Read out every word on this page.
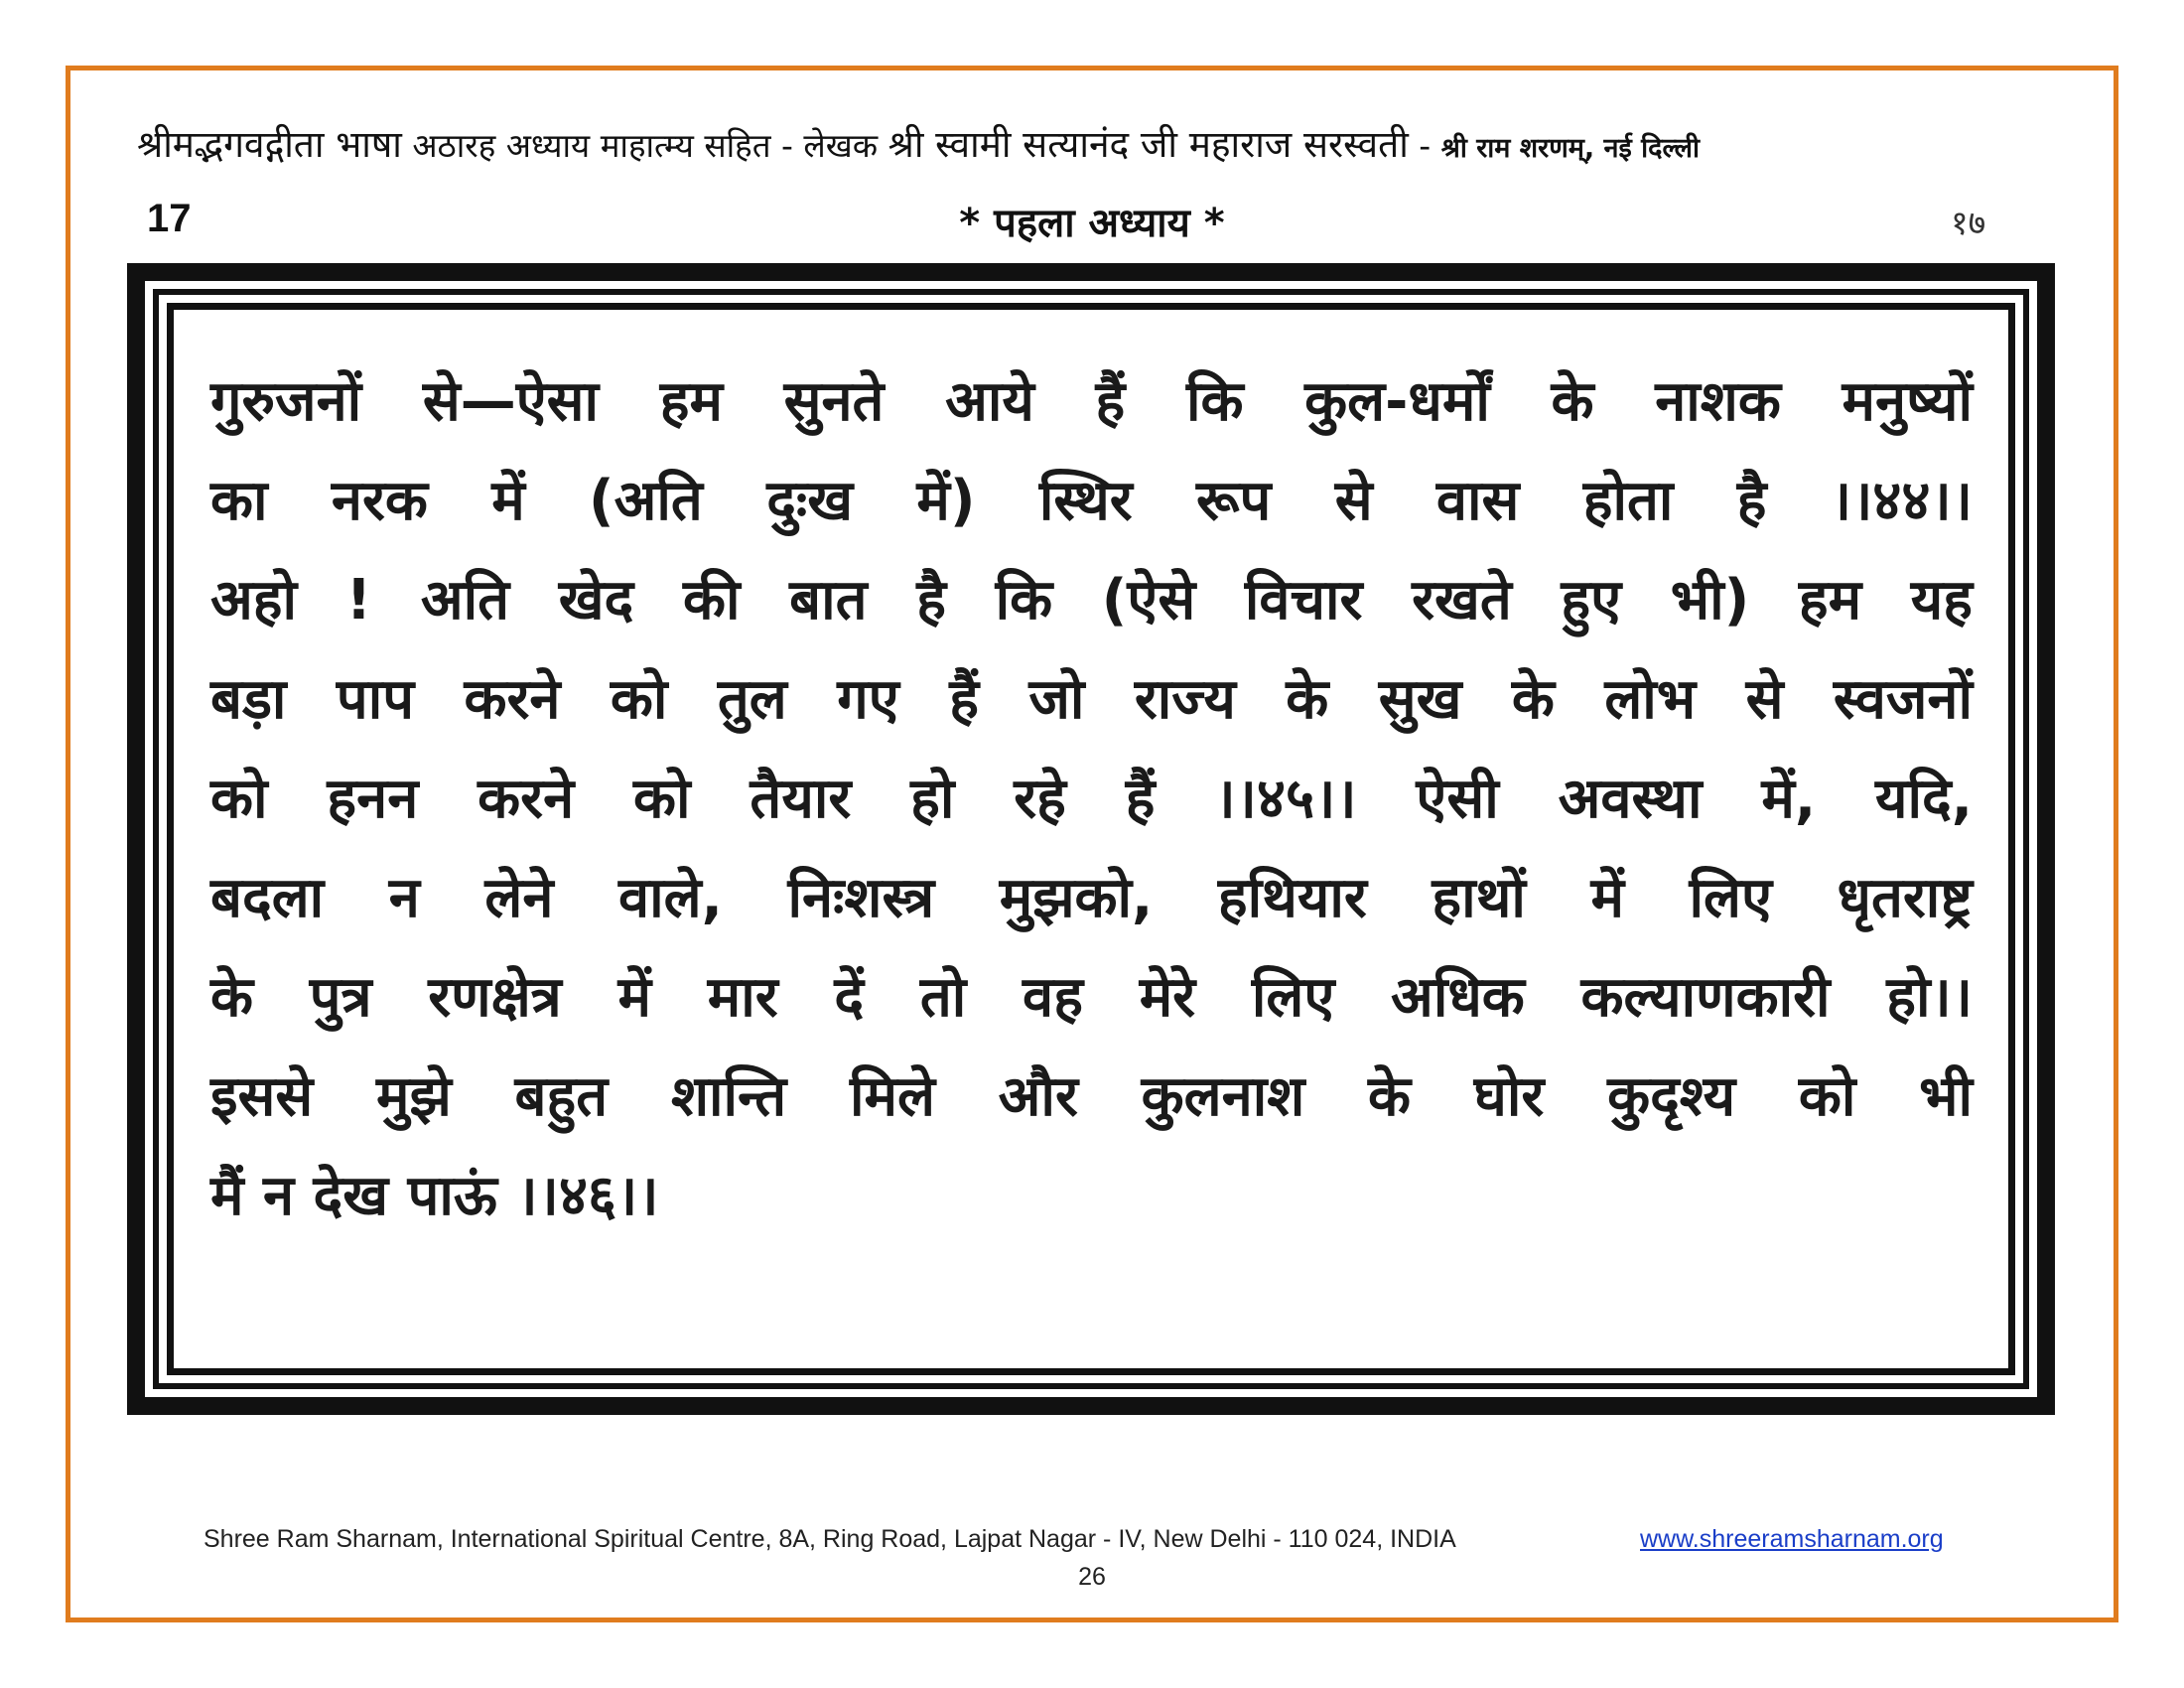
श्रीमद्भगवद्गीता भाषा अठारह अध्याय माहात्म्य सहित - लेखक श्री स्वामी सत्यानंद जी महाराज सरस्वती - श्री राम शरणम्, नई दिल्ली
17	* पहला अध्याय *	१७
गुरुजनों से—ऐसा हम सुनते आये हैं कि कुल-धर्मों के नाशक मनुष्यों
का नरक में (अति दुःख में) स्थिर रूप से वास होता है ।।४४।।
अहो ! अति खेद की बात है कि (ऐसे विचार रखते हुए भी) हम यह
बड़ा पाप करने को तुल गए हैं जो राज्य के सुख के लोभ से स्वजनों
को हनन करने को तैयार हो रहे हैं ।।४५।। ऐसी अवस्था में, यदि,
बदला न लेने वाले, निःशस्त्र मुझको, हथियार हाथों में लिए धृतराष्ट्र
के पुत्र रणक्षेत्र में मार दें तो वह मेरे लिए अधिक कल्याणकारी हो।।
इससे मुझे बहुत शान्ति मिले और कुलनाश के घोर कुदृश्य को भी
मैं न देख पाऊं ।।४६।।
Shree Ram Sharnam, International Spiritual Centre, 8A, Ring Road, Lajpat Nagar - IV, New Delhi - 110 024, INDIA	www.shreeramsharnam.org
26
